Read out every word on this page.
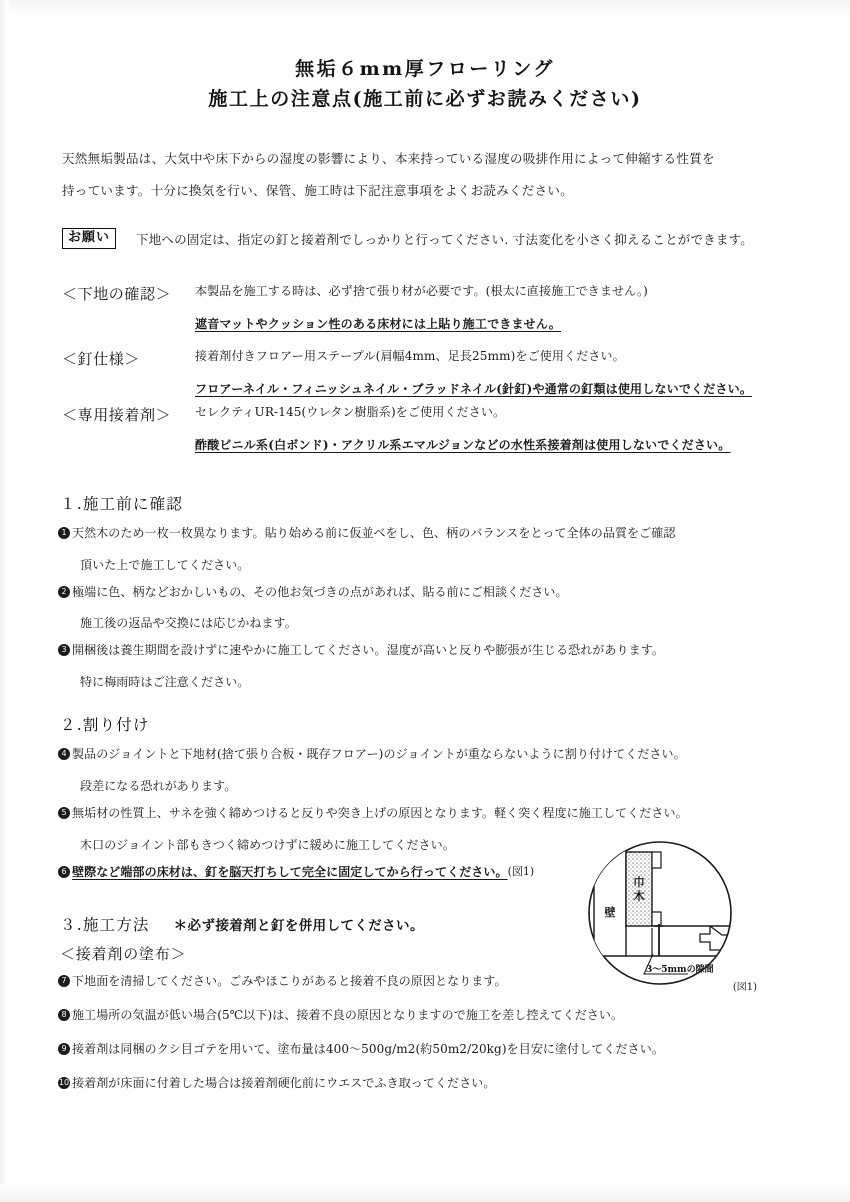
無垢６mm厚フローリング
施工上の注意点(施工前に必ずお読みください)
天然無垢製品は、大気中や床下からの湿度の影響により、本来持っている湿度の吸排作用によって伸縮する性質を
持っています。十分に換気を行い、保管、施工時は下記注意事項をよくお読みください。
お願い	下地への固定は、指定の釘と接着剤でしっかりと行ってください. 寸法変化を小さく抑えることができます。
＜下地の確認＞ 本製品を施工する時は、必ず捨て張り材が必要です。(根太に直接施工できません。)
遮音マットやクッション性のある床材には上貼り施工できません。
＜釘仕様＞	接着剤付きフロアー用ステープル(肩幅4mm、足長25mm)をご使用ください。
フロアーネイル・フィニッシュネイル・ブラッドネイル(針釘)や通常の釘類は使用しないでください。
＜専用接着剤＞ セレクティUR-145(ウレタン樹脂系)をご使用ください。
酢酸ビニル系(白ボンド)・アクリル系エマルジョンなどの水性系接着剤は使用しないでください。
１.施工前に確認
1 天然木のため一枚一枚異なります。貼り始める前に仮並べをし、色、柄のバランスをとって全体の品質をご確認
頂いた上で施工してください。
2 極端に色、柄などおかしいもの、その他お気づきの点があれば、貼る前にご相談ください。
施工後の返品や交換には応じかねます。
3 開梱後は養生期間を設けずに速やかに施工してください。湿度が高いと反りや膨張が生じる恐れがあります。
特に梅雨時はご注意ください。
２.割り付け
4 製品のジョイントと下地材(捨て張り合板・既存フロアー)のジョイントが重ならないように割り付けてください。
段差になる恐れがあります。
5 無垢材の性質上、サネを強く締めつけると反りや突き上げの原因となります。軽く突く程度に施工してください。
木口のジョイント部もきつく締めつけずに緩めに施工してください。
6 壁際など端部の床材は、釘を脳天打ちして完全に固定してから行ってください。 (図1)
３.施工方法 ＊必ず接着剤と釘を併用してください。
＜接着剤の塗布＞
7 下地面を清掃してください。ごみやほこりがあると接着不良の原因となります。
8 施工場所の気温が低い場合(5℃以下)は、接着不良の原因となりますので施工を差し控えてください。
9 接着剤は同梱のクシ目ゴテを用いて、塗布量は400〜500g/m2(約50m2/20kg)を目安に塗付してください。
10 接着剤が床面に付着した場合は接着剤硬化前にウエスでふき取ってください。
壁
巾
木
3〜5mmの隙間
(図1)
